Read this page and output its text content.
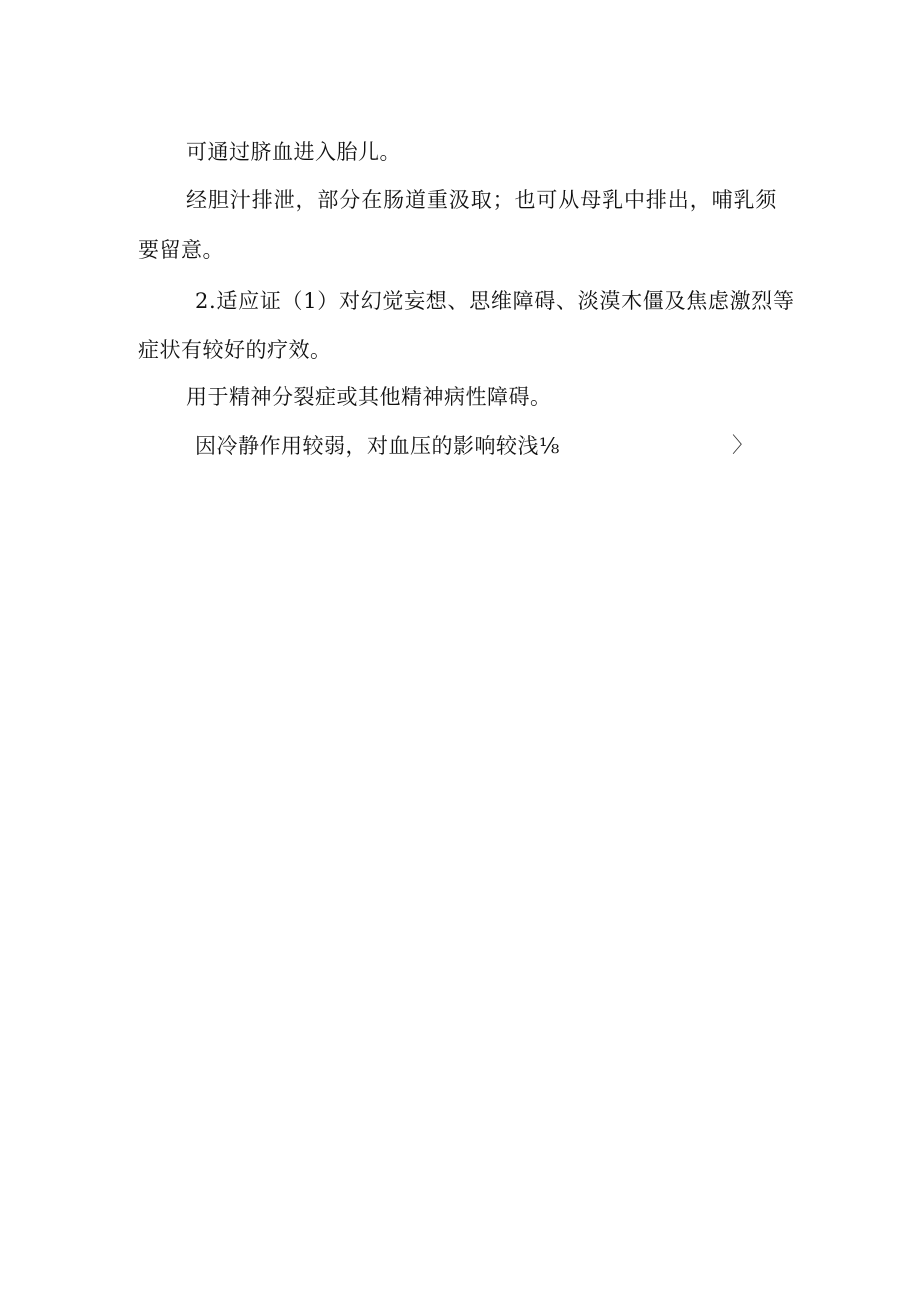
可通过脐血进入胎儿。
经胆汁排泄，部分在肠道重汲取；也可从母乳中排出，哺乳须
要留意。
2.适应证（1）对幻觉妄想、思维障碍、淡漠木僵及焦虑激烈等
症状有较好的疗效。
用于精神分裂症或其他精神病性障碍。
因冷静作用较弱，对血压的影响较浅⅛	〉
